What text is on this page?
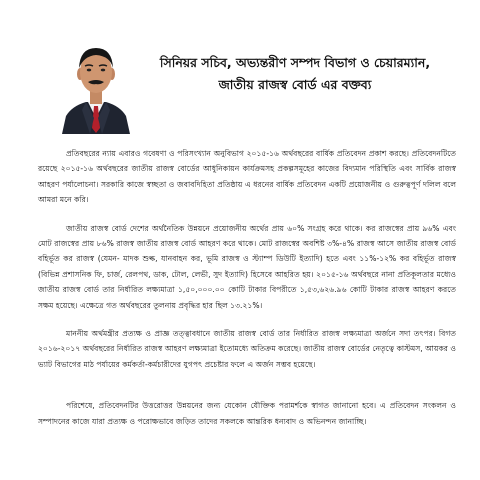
সিনিয়র সচিব, অভ্যন্তরীণ সম্পদ বিভাগ ও চেয়ারম্যান,
জাতীয় রাজস্ব বোর্ড এর বক্তব্য

প্রতিবছরের ন্যায় এবারও গবেষণা ও পরিসংখ্যান অনুবিভাগ ২০১৫-১৬ অর্থবছরের বার্ষিক প্রতিবেদন প্রকাশ করছে। প্রতিবেদনটিতে রয়েছে ২০১৫-১৬ অর্থবছরের জাতীয় রাজস্ব বোর্ডের আধুনিকায়ন কার্যক্রমসহ প্রকল্পসমূহের কাজের বিদ্যমান পরিস্থিতি এবং সার্বিক রাজস্ব আহরণ পর্যালোচনা। সরকারি কাজে স্বচ্ছতা ও জবাবদিহিতা প্রতিষ্ঠায় এ ধরনের বার্ষিক প্রতিবেদন একটি প্রয়োজনীয় ও গুরুত্বপূর্ণ দলিল বলে আমরা মনে করি।

জাতীয় রাজস্ব বোর্ড দেশের অর্থনৈতিক উন্নয়নে প্রয়োজনীয় অর্থের প্রায় ৬০% সংগ্রহ করে থাকে। কর রাজস্বের প্রায় ৯৬% এবং মোট রাজস্বের প্রায় ৮৬% রাজস্ব জাতীয় রাজস্ব বোর্ড আহরণ করে থাকে। মোট রাজস্বের অবশিষ্ট ৩%-৪% রাজস্ব আসে জাতীয় রাজস্ব বোর্ড বহির্ভূত কর রাজস্ব (যেমন- মাদক শুল্ক, যানবাহন কর, ভূমি রাজস্ব ও স্ট্যাম্প ডিউটি ইত্যাদি) হতে এবং ১১%-১২% কর বহির্ভূত রাজস্ব (বিভিন্ন প্রশাসনিক ফি, চার্জ, রেলপথ, ডাক, টোল, লেভী, সুদ ইত্যাদি) হিসেবে আহরিত হয়। ২০১৫-১৬ অর্থবছরে নানা প্রতিকূলতার মধ্যেও জাতীয় রাজস্ব বোর্ড তার নির্ধারিত লক্ষ্যমাত্রা ১,৫০,০০০.০০ কোটি টাকার বিপরীতে ১,৫৩,৬২৬.৯৬ কোটি টাকার রাজস্ব আহরণ করতে সক্ষম হয়েছে। এক্ষেত্রে গত অর্থবছরের তুলনায় প্রবৃদ্ধির হার ছিল ১৩.২১%।

মাননীয় অর্থমন্ত্রীর প্রত্যক্ষ ও প্রাজ্ঞ তত্ত্বাবধানে জাতীয় রাজস্ব বোর্ড তার নির্ধারিত রাজস্ব লক্ষ্যমাত্রা অর্জনে সদা তৎপর। বিগত ২০১৬-২০১৭ অর্থবছরের নির্ধারিত রাজস্ব আহরণ লক্ষ্যমাত্রা ইতোমধ্যে অতিক্রম করেছে। জাতীয় রাজস্ব বোর্ডের নেতৃত্বে কাস্টমস, আয়কর ও ভ্যাট বিভাগের মাঠ পর্যায়ের কর্মকর্তা-কর্মচারীদের যুগপৎ প্রচেষ্টার ফলে এ অর্জন সম্ভব হয়েছে।

পরিশেষে, প্রতিবেদনটির উত্তরোত্তর উন্নয়নের জন্য যেকোন যৌক্তিক পরামর্শকে স্বাগত জানানো হবে। এ প্রতিবেদন সংকলন ও সম্পাদনের কাজে যারা প্রত্যক্ষ ও পরোক্ষভাবে জড়িত তাদের সকলকে আন্তরিক ধন্যবাদ ও অভিনন্দন জানাচ্ছি।
